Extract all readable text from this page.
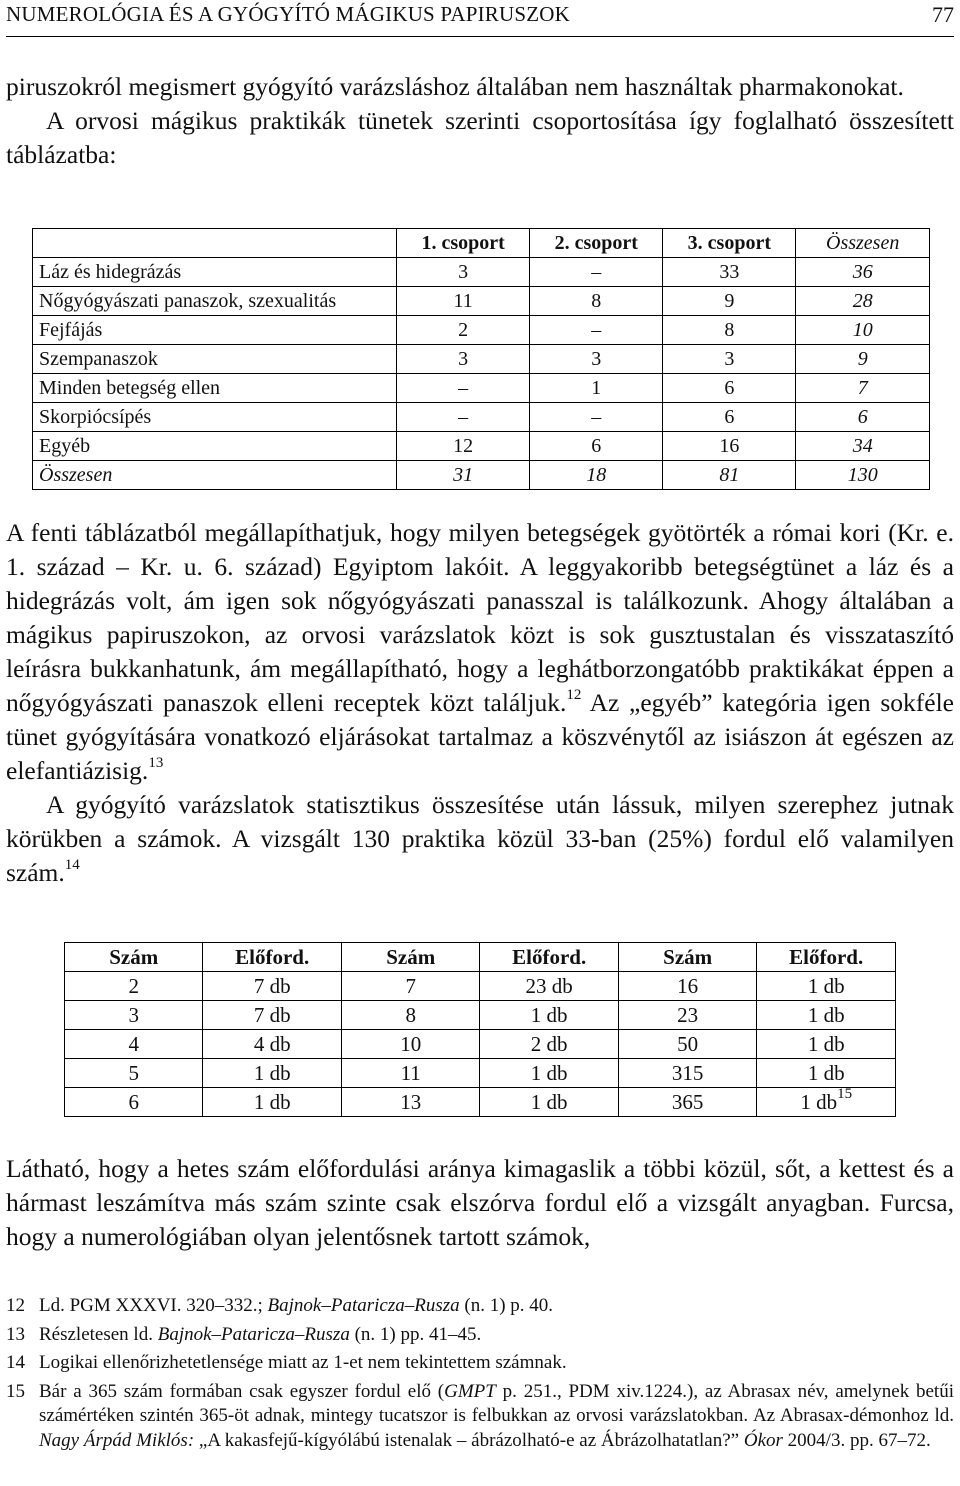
NUMEROLÓGIA ÉS A GYÓGYÍTÓ MÁGIKUS PAPIRUSZOK	77
piruszokról megismert gyógyító varázsláshoz általában nem használtak pharmakonokat.
A orvosi mágikus praktikák tünetek szerinti csoportosítása így foglalható összesített táblázatba:
	1. csoport	2. csoport	3. csoport	Összesen
Láz és hidegrázás	3	–	33	36
Nőgyógyászati panaszok, szexualitás	11	8	9	28
Fejfájás	2	–	8	10
Szempanaszok	3	3	3	9
Minden betegség ellen	–	1	6	7
Skorpiócsípés	–	–	6	6
Egyéb	12	6	16	34
Összesen	31	18	81	130
A fenti táblázatból megállapíthatjuk, hogy milyen betegségek gyötörték a római kori (Kr. e. 1. század – Kr. u. 6. század) Egyiptom lakóit. A leggyakoribb betegségtünet a láz és a hidegrázás volt, ám igen sok nőgyógyászati panasszal is találkozunk. Ahogy általában a mágikus papiruszokon, az orvosi varázslatok közt is sok gusztustalan és visszataszító leírásra bukkanhatunk, ám megállapítható, hogy a leghátborzongatóbb praktikákat éppen a nőgyógyászati panaszok elleni receptek közt találjuk.$^{12}$ Az „egyéb” kategória igen sokféle tünet gyógyítására vonatkozó eljárásokat tartalmaz a köszvénytől az isiászon át egészen az elefantiázisig.$^{13}$
A gyógyító varázslatok statisztikus összesítése után lássuk, milyen szerephez jutnak körükben a számok. A vizsgált 130 praktika közül 33-ban (25%) fordul elő valamilyen szám.$^{14}$
Szám	Előford.	Szám	Előford.	Szám	Előford.
2	7 db	7	23 db	16	1 db
3	7 db	8	1 db	23	1 db
4	4 db	10	2 db	50	1 db
5	1 db	11	1 db	315	1 db
6	1 db	13	1 db	365	1 $db^{15}$
Látható, hogy a hetes szám előfordulási aránya kimagaslik a többi közül, sőt, a kettest és a hármast leszámítva más szám szinte csak elszórva fordul elő a vizsgált anyagban. Furcsa, hogy a numerológiában olyan jelentősnek tartott számok,
12 Ld. PGM XXXVI. 320–332.; Bajnok–Pataricza–Rusza (n. 1) p. 40.
13 Részletesen ld. Bajnok–Pataricza–Rusza (n. 1) pp. 41–45.
14 Logikai ellenőrizhetetlensége miatt az 1-et nem tekintettem számnak.
15 Bár a 365 szám formában csak egyszer fordul elő (GMPT p. 251., PDM xiv.1224.), az Abrasax név, amelynek betűi számértéken szintén 365-öt adnak, mintegy tucatszor is felbukkan az orvosi varázslatokban. Az Abrasax-démonhoz ld. Nagy Árpád Miklós: „A kakasfejű-kígyólábú istenalak – ábrázolható-e az Ábrázolhatatlan?” Ókor 2004/3. pp. 67–72.
